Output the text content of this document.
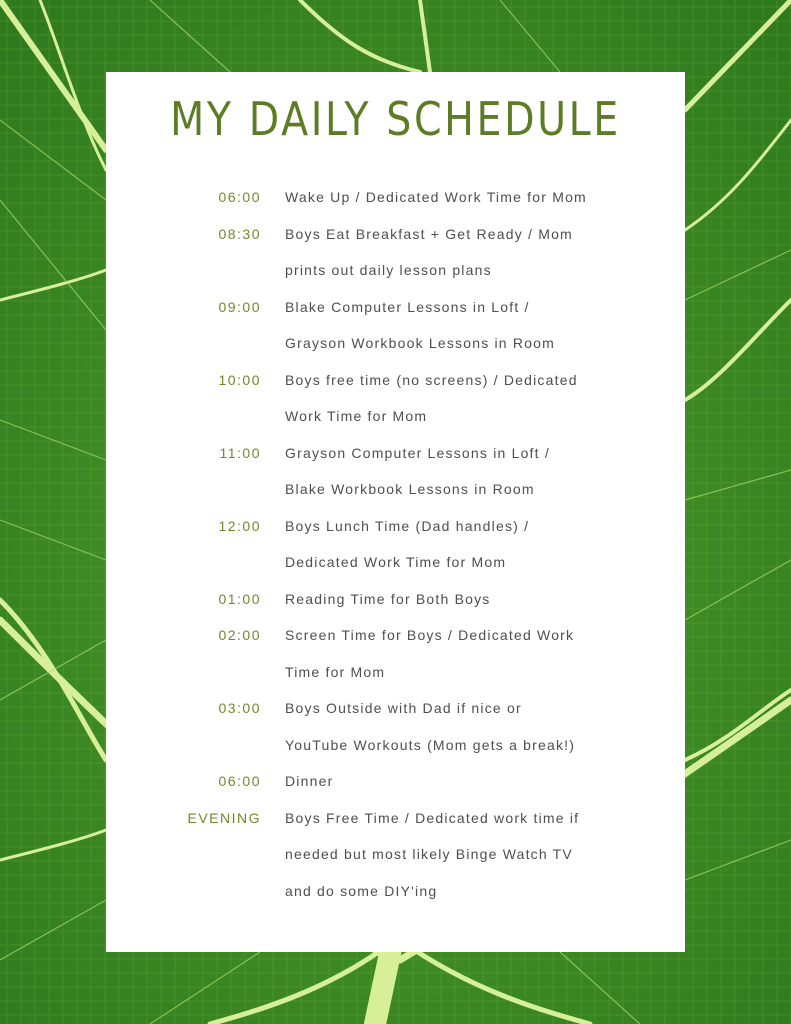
MY DAILY SCHEDULE
06:00 Wake Up / Dedicated Work Time for Mom
08:30 Boys Eat Breakfast + Get Ready / Mom
prints out daily lesson plans
09:00 Blake Computer Lessons in Loft /
Grayson Workbook Lessons in Room
10:00 Boys free time (no screens) / Dedicated
Work Time for Mom
11:00 Grayson Computer Lessons in Loft /
Blake Workbook Lessons in Room
12:00 Boys Lunch Time (Dad handles) /
Dedicated Work Time for Mom
01:00 Reading Time for Both Boys
02:00 Screen Time for Boys / Dedicated Work
Time for Mom
03:00 Boys Outside with Dad if nice or
YouTube Workouts (Mom gets a break!)
06:00 Dinner
EVENING Boys Free Time / Dedicated work time if
needed but most likely Binge Watch TV
and do some DIY'ing
